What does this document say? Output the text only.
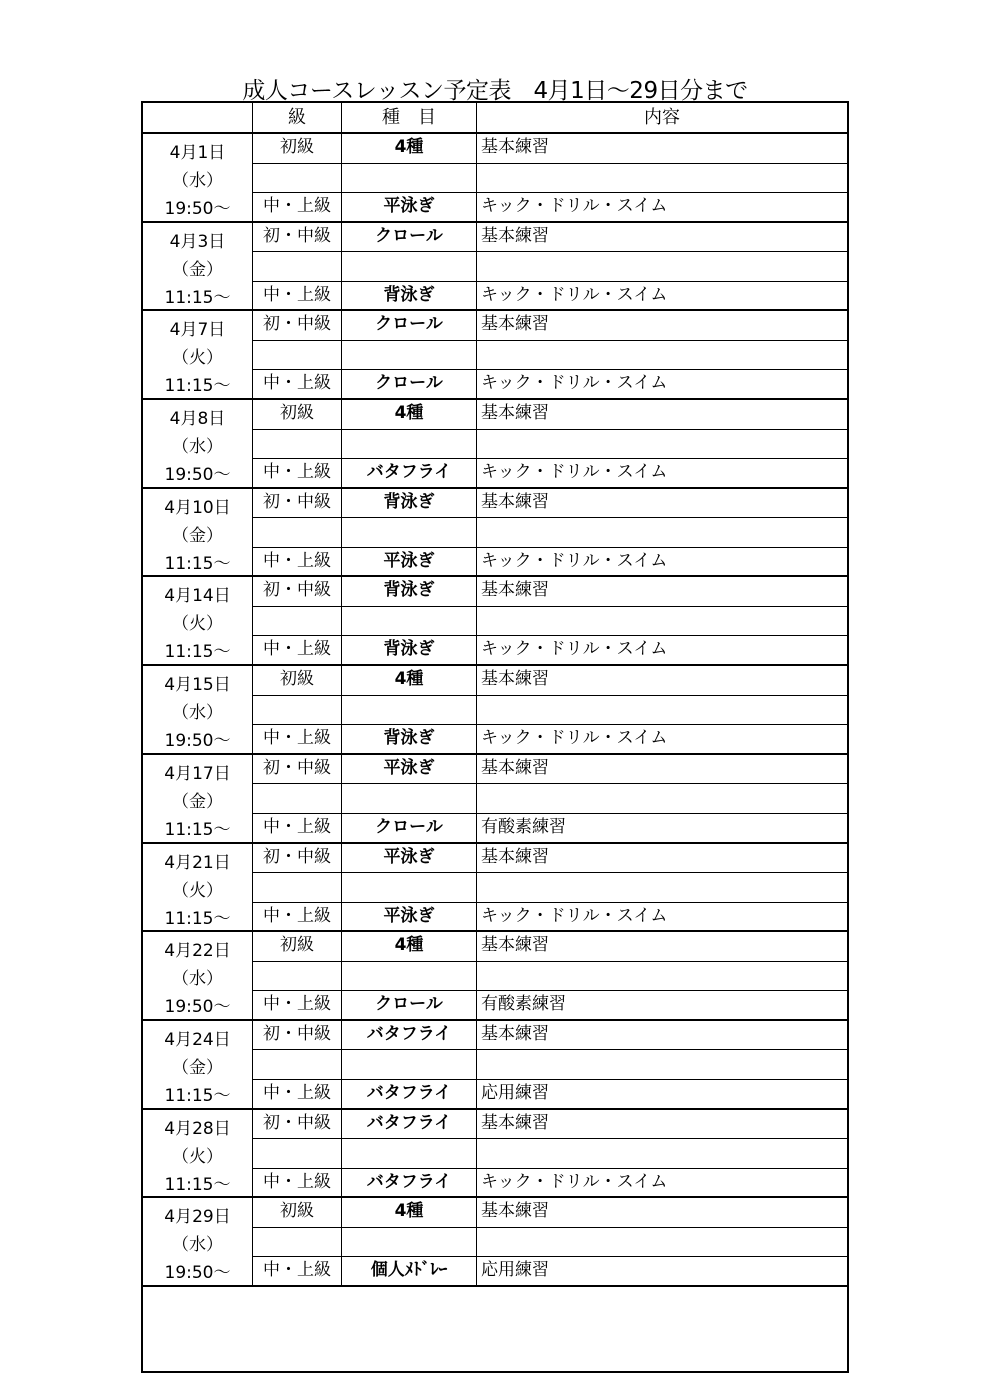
成人コースレッスン予定表　4月1日～29日分まで
級	種　目	内容
4月1日
（水）
19:50～
初級	4種	基本練習
中・上級	平泳ぎ	キック・ドリル・スイム
4月3日
（金）
11:15～
初・中級	クロール	基本練習
中・上級	背泳ぎ	キック・ドリル・スイム
4月7日
（火）
11:15～
初・中級	クロール	基本練習
中・上級	クロール	キック・ドリル・スイム
4月8日
（水）
19:50～
初級	4種	基本練習
中・上級	バタフライ	キック・ドリル・スイム
4月10日
（金）
11:15～
初・中級	背泳ぎ	基本練習
中・上級	平泳ぎ	キック・ドリル・スイム
4月14日
（火）
11:15～
初・中級	背泳ぎ	基本練習
中・上級	背泳ぎ	キック・ドリル・スイム
4月15日
（水）
19:50～
初級	4種	基本練習
中・上級	背泳ぎ	キック・ドリル・スイム
4月17日
（金）
11:15～
初・中級	平泳ぎ	基本練習
中・上級	クロール	有酸素練習
4月21日
（火）
11:15～
初・中級	平泳ぎ	基本練習
中・上級	平泳ぎ	キック・ドリル・スイム
4月22日
（水）
19:50～
初級	4種	基本練習
中・上級	クロール	有酸素練習
4月24日
（金）
11:15～
初・中級	バタフライ	基本練習
中・上級	バタフライ	応用練習
4月28日
（火）
11:15～
初・中級	バタフライ	基本練習
中・上級	バタフライ	キック・ドリル・スイム
4月29日
（水）
19:50～
初級	4種	基本練習
中・上級	個人ﾒﾄﾞﾚｰ	応用練習
